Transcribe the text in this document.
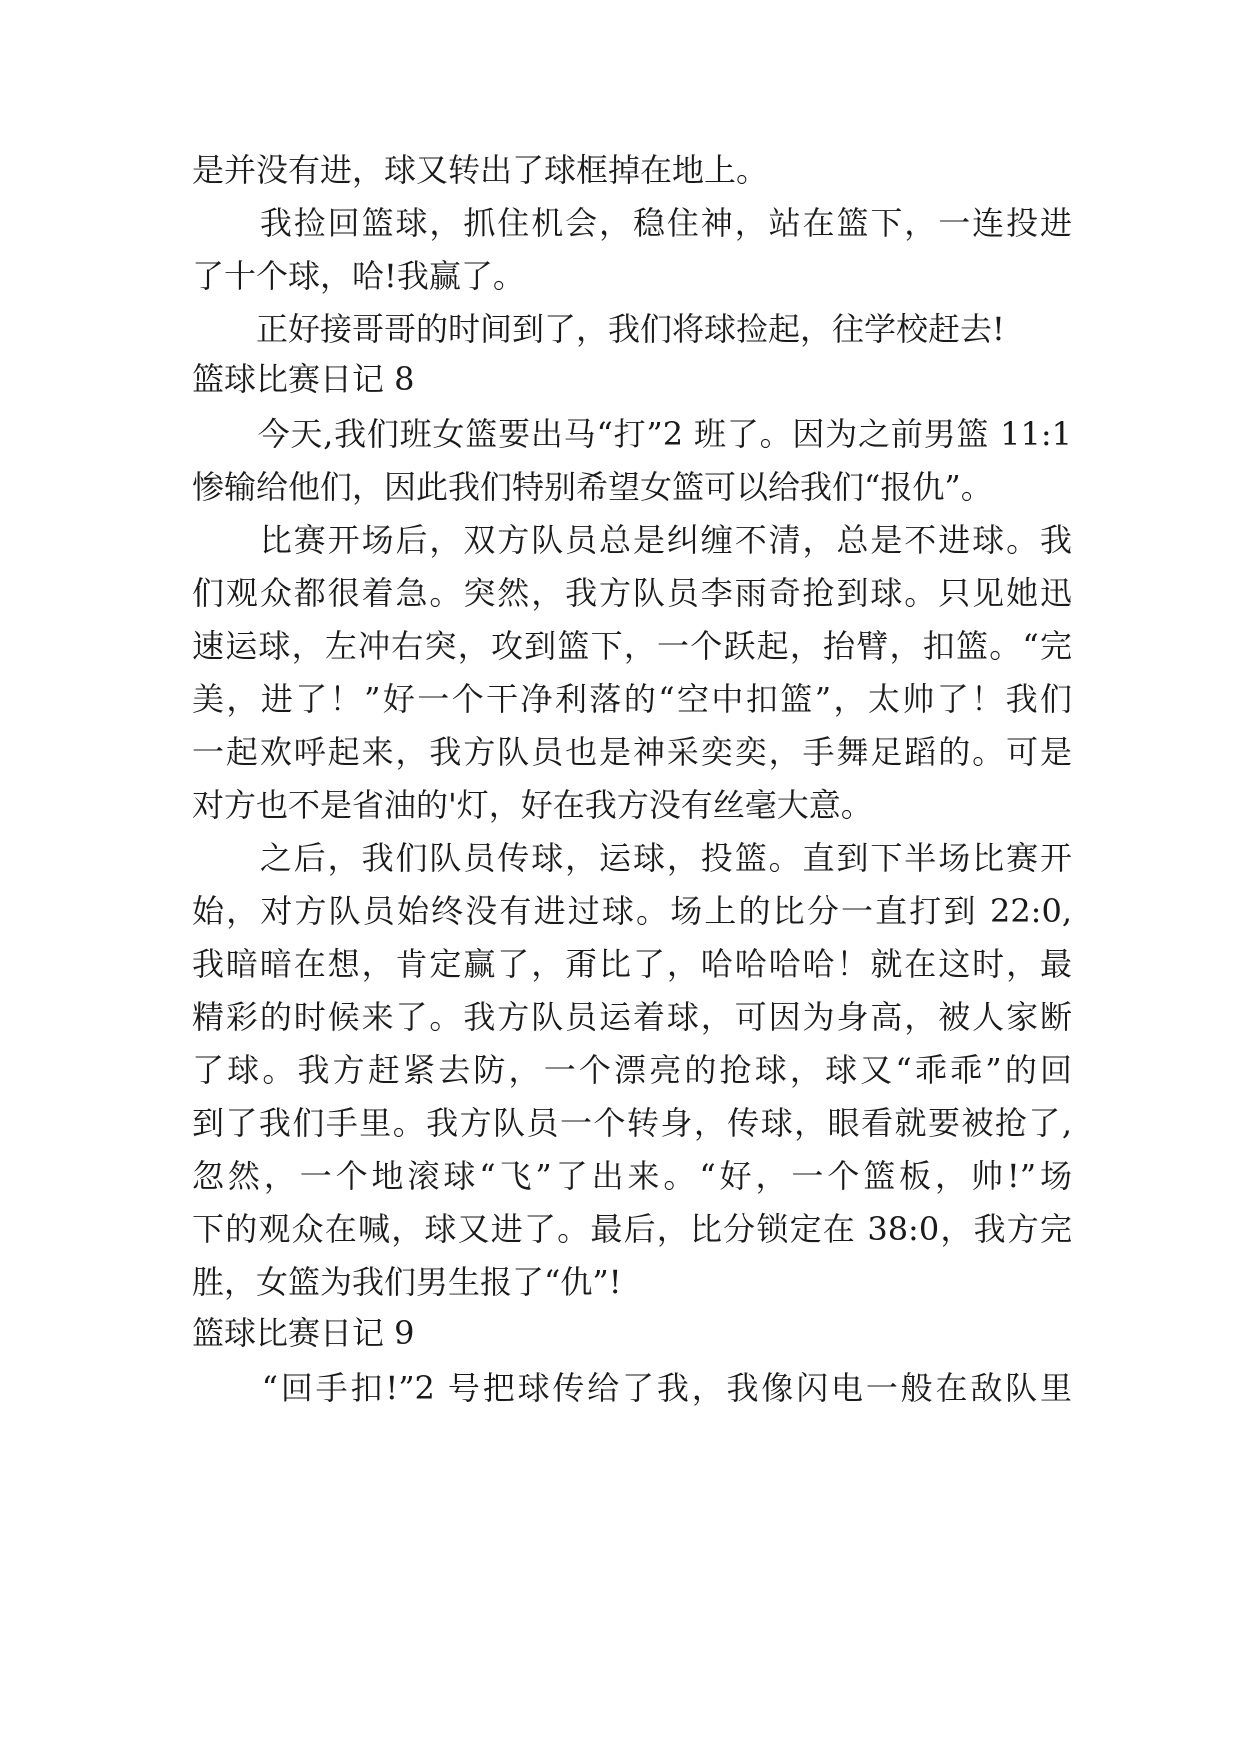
是并没有进，球又转出了球框掉在地上。
　　我捡回篮球，抓住机会，稳住神，站在篮下，一连投进
了十个球，哈!我赢了。
　　正好接哥哥的时间到了，我们将球捡起，往学校赶去!
篮球比赛日记 8
　　今天,我们班女篮要出马“打”2 班了。因为之前男篮 11:1
惨输给他们，因此我们特别希望女篮可以给我们“报仇”。
　　比赛开场后，双方队员总是纠缠不清，总是不进球。我
们观众都很着急。突然，我方队员李雨奇抢到球。只见她迅
速运球，左冲右突，攻到篮下，一个跃起，抬臂，扣篮。“完
美，进了！”好一个干净利落的“空中扣篮”，太帅了！我们
一起欢呼起来，我方队员也是神采奕奕，手舞足蹈的。可是
对方也不是省油的'灯，好在我方没有丝毫大意。
　　之后，我们队员传球，运球，投篮。直到下半场比赛开
始，对方队员始终没有进过球。场上的比分一直打到 22:0,
我暗暗在想，肯定赢了，甭比了，哈哈哈哈！就在这时，最
精彩的时候来了。我方队员运着球，可因为身高，被人家断
了球。我方赶紧去防，一个漂亮的抢球，球又“乖乖”的回
到了我们手里。我方队员一个转身，传球，眼看就要被抢了,
忽然，一个地滚球“飞”了出来。“好，一个篮板，帅!”场
下的观众在喊，球又进了。最后，比分锁定在 38:0，我方完
胜，女篮为我们男生报了“仇”!
篮球比赛日记 9
　　“回手扣!”2 号把球传给了我，我像闪电一般在敌队里
